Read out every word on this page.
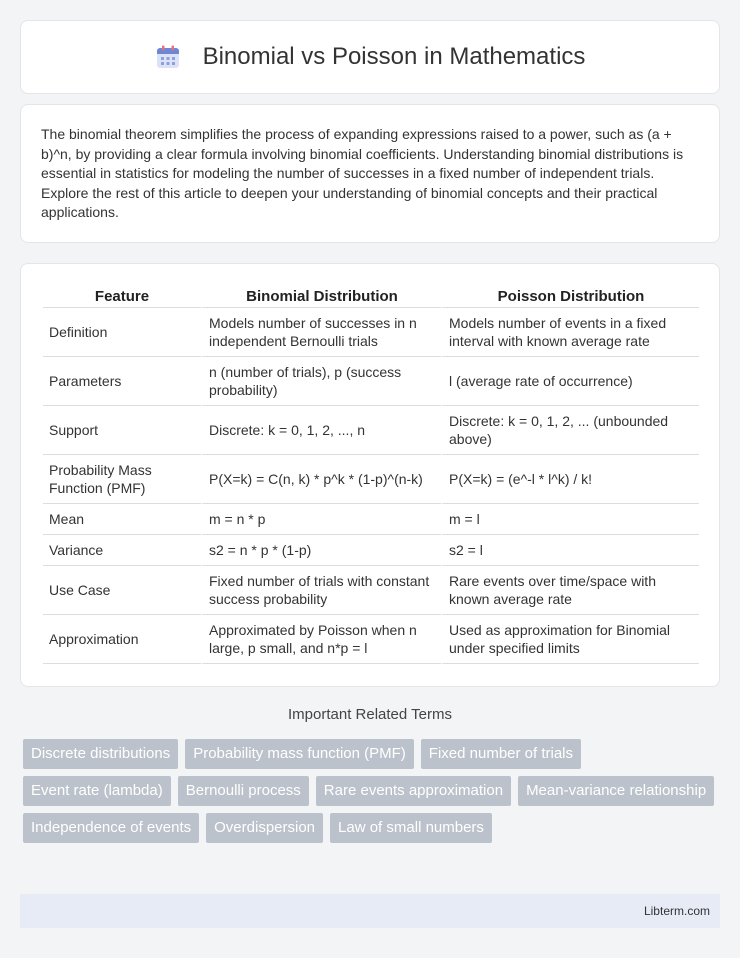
Binomial vs Poisson in Mathematics

The binomial theorem simplifies the process of expanding expressions raised to a power, such as (a + b)^n, by providing a clear formula involving binomial coefficients. Understanding binomial distributions is essential in statistics for modeling the number of successes in a fixed number of independent trials. Explore the rest of this article to deepen your understanding of binomial concepts and their practical applications.

Feature	Binomial Distribution	Poisson Distribution
Definition	Models number of successes in n independent Bernoulli trials	Models number of events in a fixed interval with known average rate
Parameters	n (number of trials), p (success probability)	l (average rate of occurrence)
Support	Discrete: k = 0, 1, 2, ..., n	Discrete: k = 0, 1, 2, ... (unbounded above)
Probability Mass Function (PMF)	P(X=k) = C(n, k) * p^k * (1-p)^(n-k)	P(X=k) = (e^-l * l^k) / k!
Mean	m = n * p	m = l
Variance	s2 = n * p * (1-p)	s2 = l
Use Case	Fixed number of trials with constant success probability	Rare events over time/space with known average rate
Approximation	Approximated by Poisson when n large, p small, and n*p = l	Used as approximation for Binomial under specified limits
Important Related Terms
Discrete distributions	Probability mass function (PMF)	Fixed number of trials
Event rate (lambda)	Bernoulli process	Rare events approximation	Mean-variance relationship
Independence of events	Overdispersion	Law of small numbers
Libterm.com
